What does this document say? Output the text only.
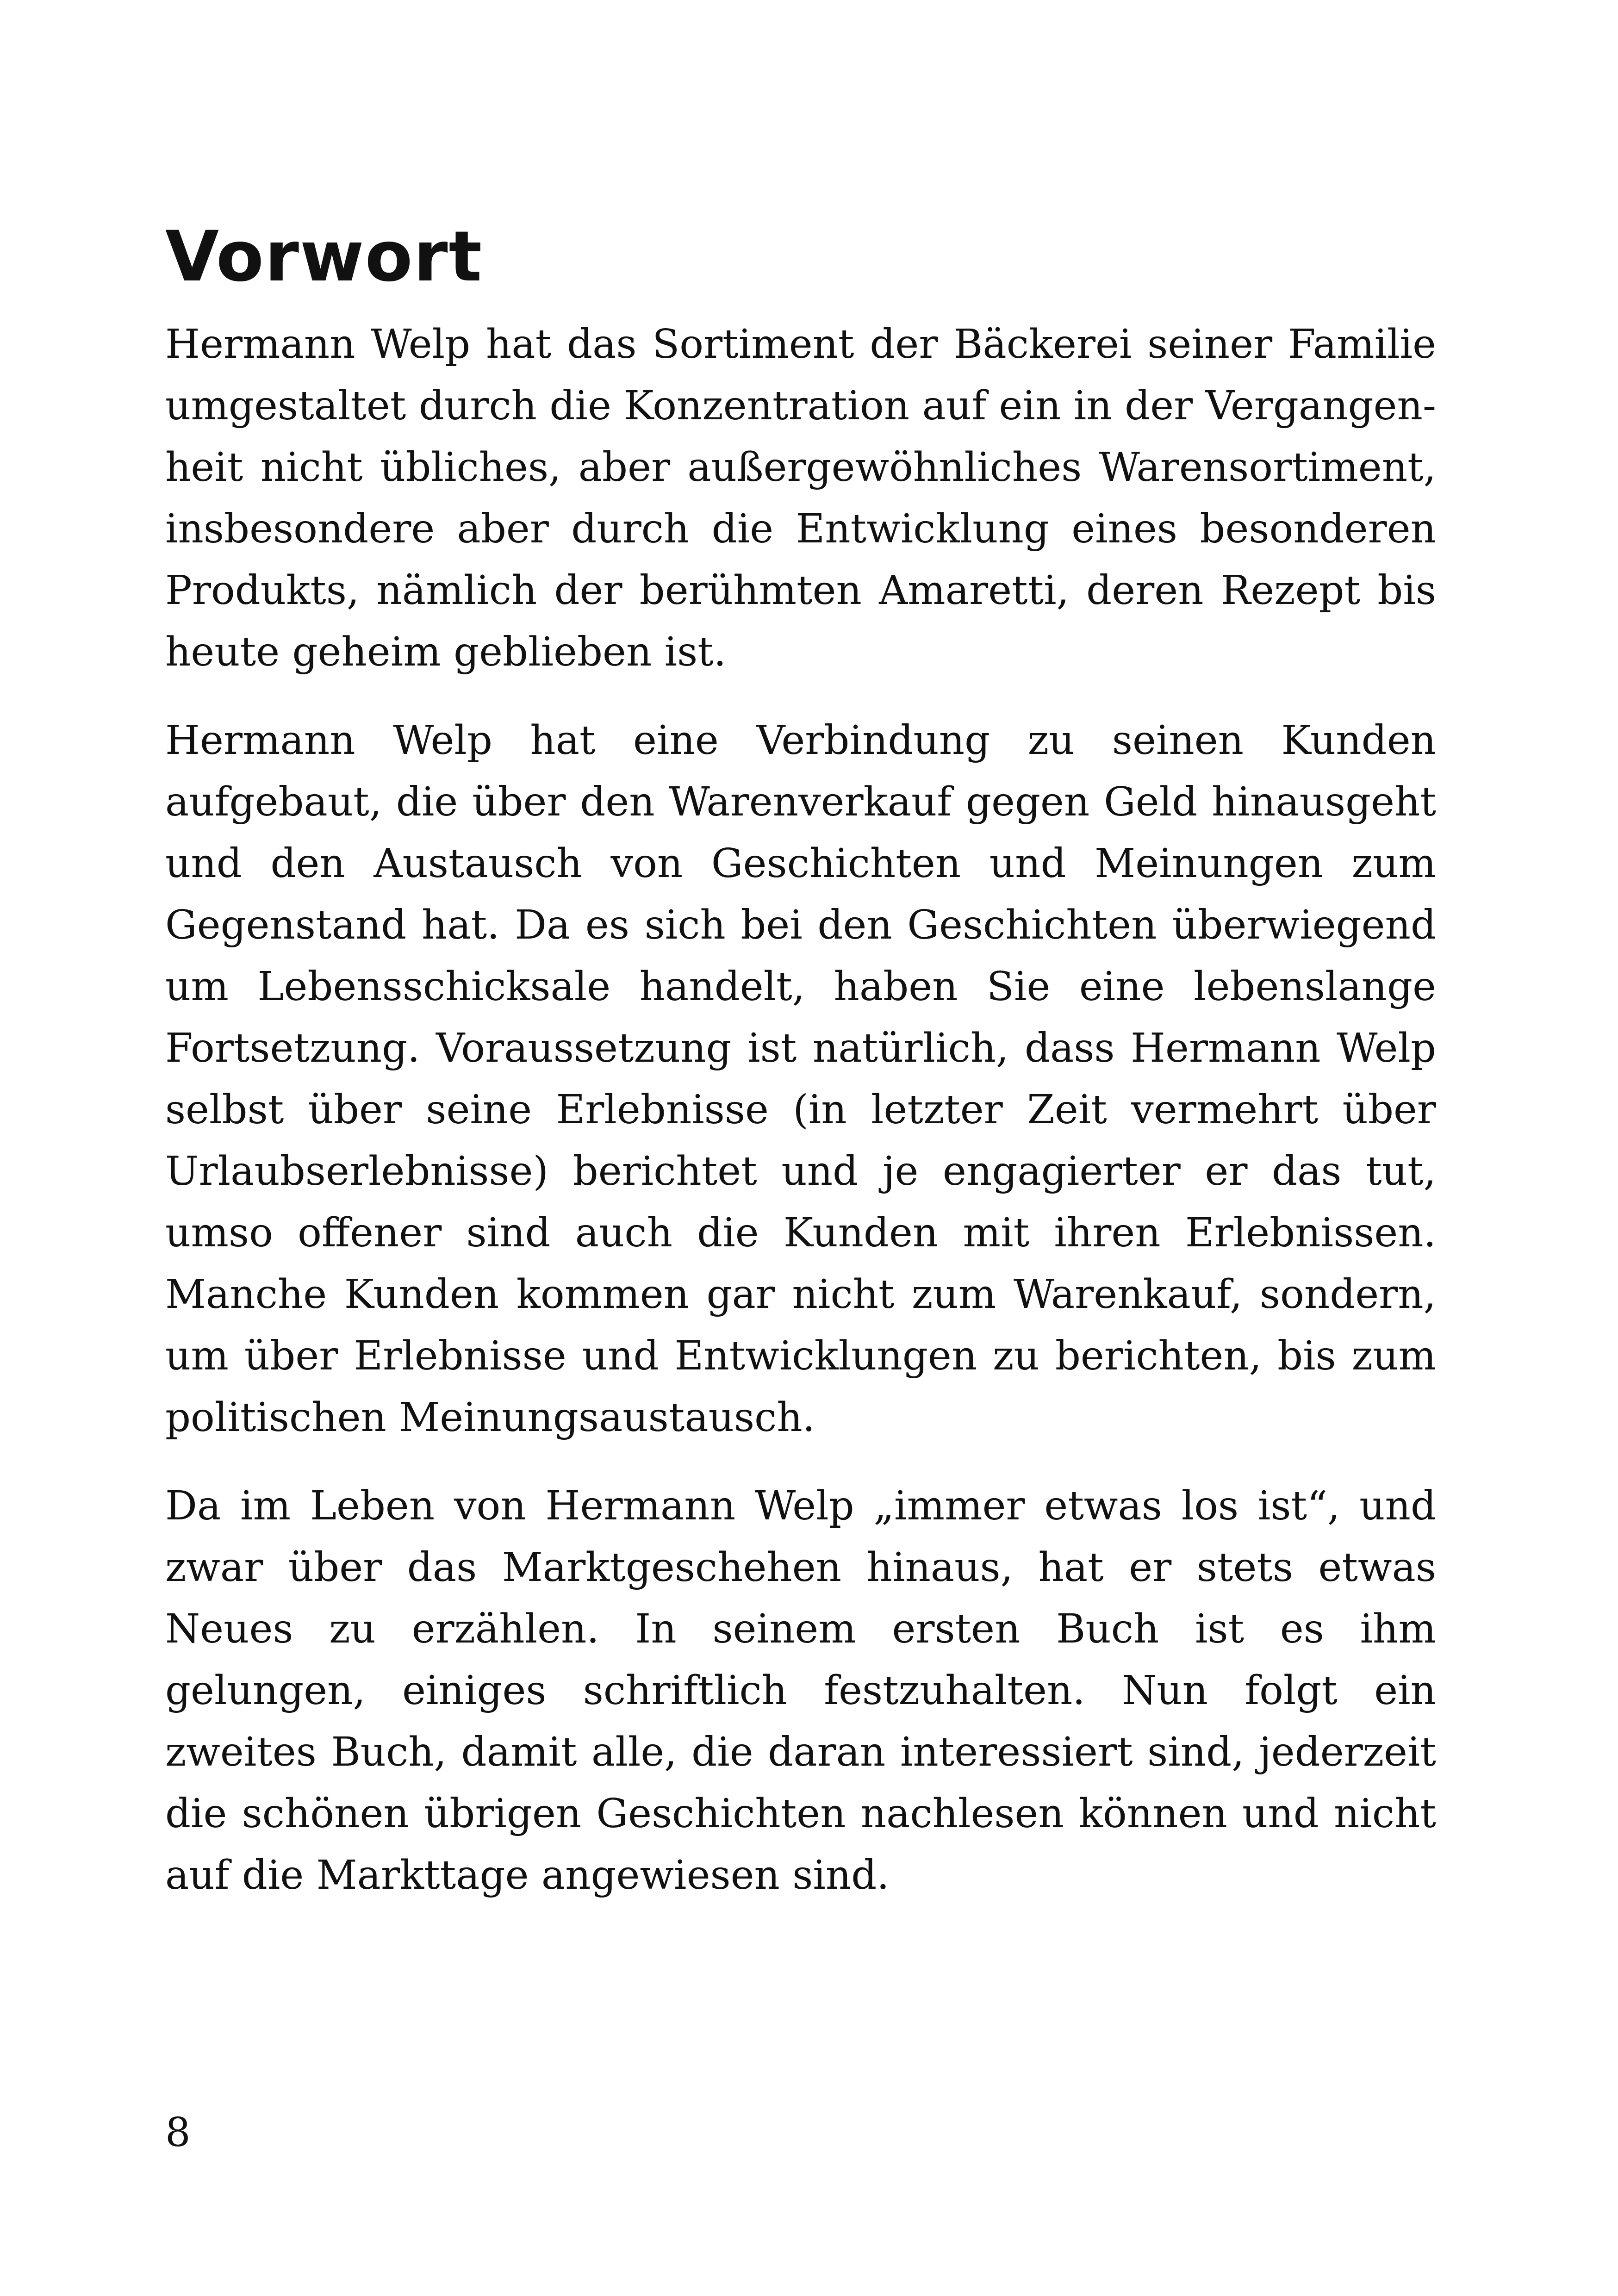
Vorwort

Hermann Welp hat das Sortiment der Bäckerei seiner Familie umgestaltet durch die Konzentration auf ein in der Vergangenheit nicht übliches, aber außergewöhnliches Warensortiment, insbesondere aber durch die Entwicklung eines besonderen Produkts, nämlich der berühmten Amaretti, deren Rezept bis heute geheim geblieben ist.

Hermann Welp hat eine Verbindung zu seinen Kunden aufgebaut, die über den Warenverkauf gegen Geld hinausgeht und den Austausch von Geschichten und Meinungen zum Gegenstand hat. Da es sich bei den Geschichten überwiegend um Lebensschicksale handelt, haben Sie eine lebenslange Fortsetzung. Voraussetzung ist natürlich, dass Hermann Welp selbst über seine Erlebnisse (in letzter Zeit vermehrt über Urlaubserlebnisse) berichtet und je engagierter er das tut, umso offener sind auch die Kunden mit ihren Erlebnissen. Manche Kunden kommen gar nicht zum Warenkauf, sondern, um über Erlebnisse und Entwicklungen zu berichten, bis zum politischen Meinungsaustausch.

Da im Leben von Hermann Welp „immer etwas los ist“, und zwar über das Marktgeschehen hinaus, hat er stets etwas Neues zu erzählen. In seinem ersten Buch ist es ihm gelungen, einiges schriftlich festzuhalten. Nun folgt ein zweites Buch, damit alle, die daran interessiert sind, jederzeit die schönen übrigen Geschichten nachlesen können und nicht auf die Markttage angewiesen sind.

8
